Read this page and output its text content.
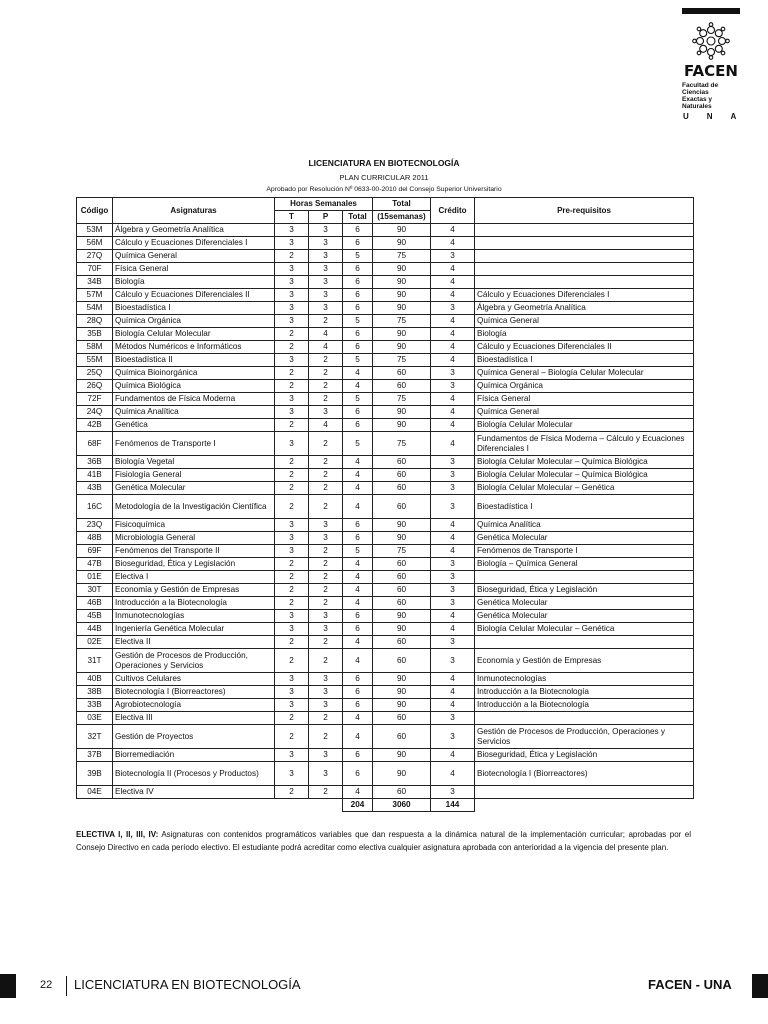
FACEN
Facultad de Ciencias
Exactas y Naturales
UNA
LICENCIATURA EN BIOTECNOLOGÍA
PLAN CURRICULAR 2011
Aprobado por Resolución Nº 0633-00-2010 del Consejo Superior Universitario
Código	Asignaturas	Horas Semanales			Total	Crédito	Pre-requisitos
		T	P	Total	(15semanas)		
53M	Álgebra y Geometría Analítica	3	3	6	90	4	
56M	Cálculo y Ecuaciones Diferenciales I	3	3	6	90	4	
27Q	Química General	2	3	5	75	3	
70F	Física General	3	3	6	90	4	
34B	Biología	3	3	6	90	4	
57M	Cálculo y Ecuaciones Diferenciales II	3	3	6	90	4	Cálculo y Ecuaciones Diferenciales I
54M	Bioestadística I	3	3	6	90	3	Álgebra y Geometría Analítica
28Q	Química Orgánica	3	2	5	75	4	Química General
35B	Biología Celular Molecular	2	4	6	90	4	Biología
58M	Métodos Numéricos e Informáticos	2	4	6	90	4	Cálculo y Ecuaciones Diferenciales II
55M	Bioestadística II	3	2	5	75	4	Bioestadística I
25Q	Química Bioinorgánica	2	2	4	60	3	Química General – Biología Celular Molecular
26Q	Química Biológica	2	2	4	60	3	Química Orgánica
72F	Fundamentos de Física Moderna	3	2	5	75	4	Física General
24Q	Química Analítica	3	3	6	90	4	Química General
42B	Genética	2	4	6	90	4	Biología Celular Molecular
68F	Fenómenos de Transporte I	3	2	5	75	4	Fundamentos de Física Moderna – Cálculo y Ecuaciones Diferenciales I
36B	Biología Vegetal	2	2	4	60	3	Biología Celular Molecular – Química Biológica
41B	Fisiología General	2	2	4	60	3	Biología Celular Molecular – Química Biológica
43B	Genética Molecular	2	2	4	60	3	Biología Celular Molecular – Genética
16C	Metodología de la Investigación Científica	2	2	4	60	3	Bioestadística I
23Q	Fisicoquímica	3	3	6	90	4	Química Analítica
48B	Microbiología General	3	3	6	90	4	Genética Molecular
69F	Fenómenos del Transporte II	3	2	5	75	4	Fenómenos de Transporte I
47B	Bioseguridad, Ética y Legislación	2	2	4	60	3	Biología – Química General
01E	Electiva I	2	2	4	60	3	
30T	Economía y Gestión de Empresas	2	2	4	60	3	Bioseguridad, Ética y Legislación
46B	Introducción a la Biotecnología	2	2	4	60	3	Genética Molecular
45B	Inmunotecnologías	3	3	6	90	4	Genética Molecular
44B	Ingeniería Genética Molecular	3	3	6	90	4	Biología Celular Molecular – Genética
02E	Electiva II	2	2	4	60	3	
31T	Gestión de Procesos de Producción, Operaciones y Servicios	2	2	4	60	3	Economía y Gestión de Empresas
40B	Cultivos Celulares	3	3	6	90	4	Inmunotecnologías
38B	Biotecnología I (Biorreactores)	3	3	6	90	4	Introducción a la Biotecnología
33B	Agrobiotecnología	3	3	6	90	4	Introducción a la Biotecnología
03E	Electiva III	2	2	4	60	3	
32T	Gestión de Proyectos	2	2	4	60	3	Gestión de Procesos de Producción, Operaciones y Servicios
37B	Biorremediación	3	3	6	90	4	Bioseguridad, Ética y Legislación
39B	Biotecnología II (Procesos y Productos)	3	3	6	90	4	Biotecnología I (Biorreactores)
04E	Electiva IV	2	2	4	60	3	
				204	3060	144	
ELECTIVA I, II, III, IV: Asignaturas con contenidos programáticos variables que dan respuesta a la dinámica natural de la implementación curricular; aprobadas por el Consejo Directivo en cada período electivo. El estudiante podrá acreditar como electiva cualquier asignatura aprobada con anterioridad a la vigencia del presente plan.
22 LICENCIATURA EN BIOTECNOLOGÍA	FACEN - UNA
